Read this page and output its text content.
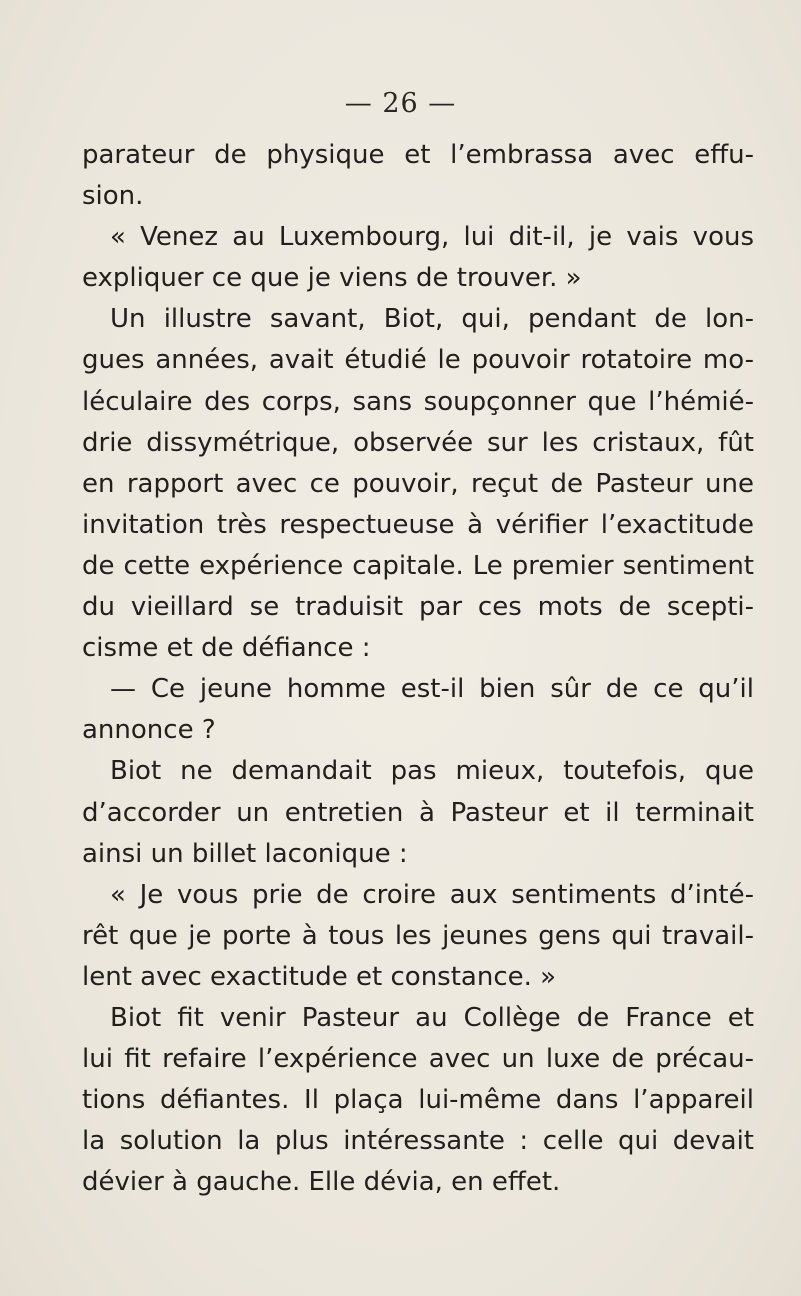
— 26 —
parateur de physique et l’embrassa avec effu-
sion.
« Venez au Luxembourg, lui dit-il, je vais vous
expliquer ce que je viens de trouver. »
Un illustre savant, Biot, qui, pendant de lon-
gues années, avait étudié le pouvoir rotatoire mo-
léculaire des corps, sans soupçonner que l’hémié-
drie dissymétrique, observée sur les cristaux, fût
en rapport avec ce pouvoir, reçut de Pasteur une
invitation très respectueuse à vérifier l’exactitude
de cette expérience capitale. Le premier sentiment
du vieillard se traduisit par ces mots de scepti-
cisme et de défiance :
— Ce jeune homme est-il bien sûr de ce qu’il
annonce ?
Biot ne demandait pas mieux, toutefois, que
d’accorder un entretien à Pasteur et il terminait
ainsi un billet laconique :
« Je vous prie de croire aux sentiments d’inté-
rêt que je porte à tous les jeunes gens qui travail-
lent avec exactitude et constance. »
Biot fit venir Pasteur au Collège de France et
lui fit refaire l’expérience avec un luxe de précau-
tions défiantes. Il plaça lui-même dans l’appareil
la solution la plus intéressante : celle qui devait
dévier à gauche. Elle dévia, en effet.
